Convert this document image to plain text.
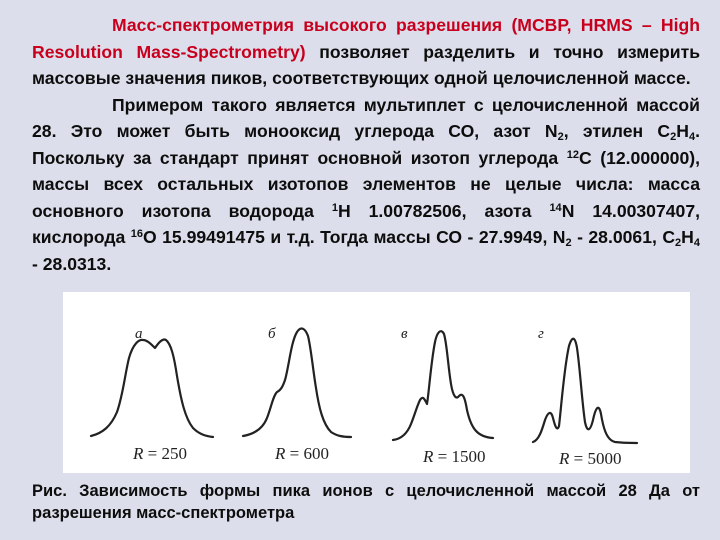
Масс-спектрометрия высокого разрешения (МСВР, HRMS – High Resolution Mass-Spectrometry) позволяет разделить и точно измерить массовые значения пиков, соответствующих одной целочисленной массе.

Примером такого является мультиплет с целочисленной массой 28. Это может быть монооксид углерода СО, азот $N_2$, этилен $С_2Н_4$. Поскольку за стандарт принят основной изотоп углерода $^{12}$С (12.000000), массы всех остальных изотопов элементов не целые числа: масса основного изотопа водорода $^1$Н 1.00782506, азота $^{14}$N 14.00307407, кислорода $^{16}$О 15.99491475 и т.д. Тогда массы СО - 27.9949, $N_2 - 28.0061$, $С_2Н_4 - 28.0313$.

а
R = 250
б
R = 600
в
R = 1500
г
R = 5000
Рис. Зависимость формы пика ионов с целочисленной массой 28 Да от разрешения масс-спектрометра
